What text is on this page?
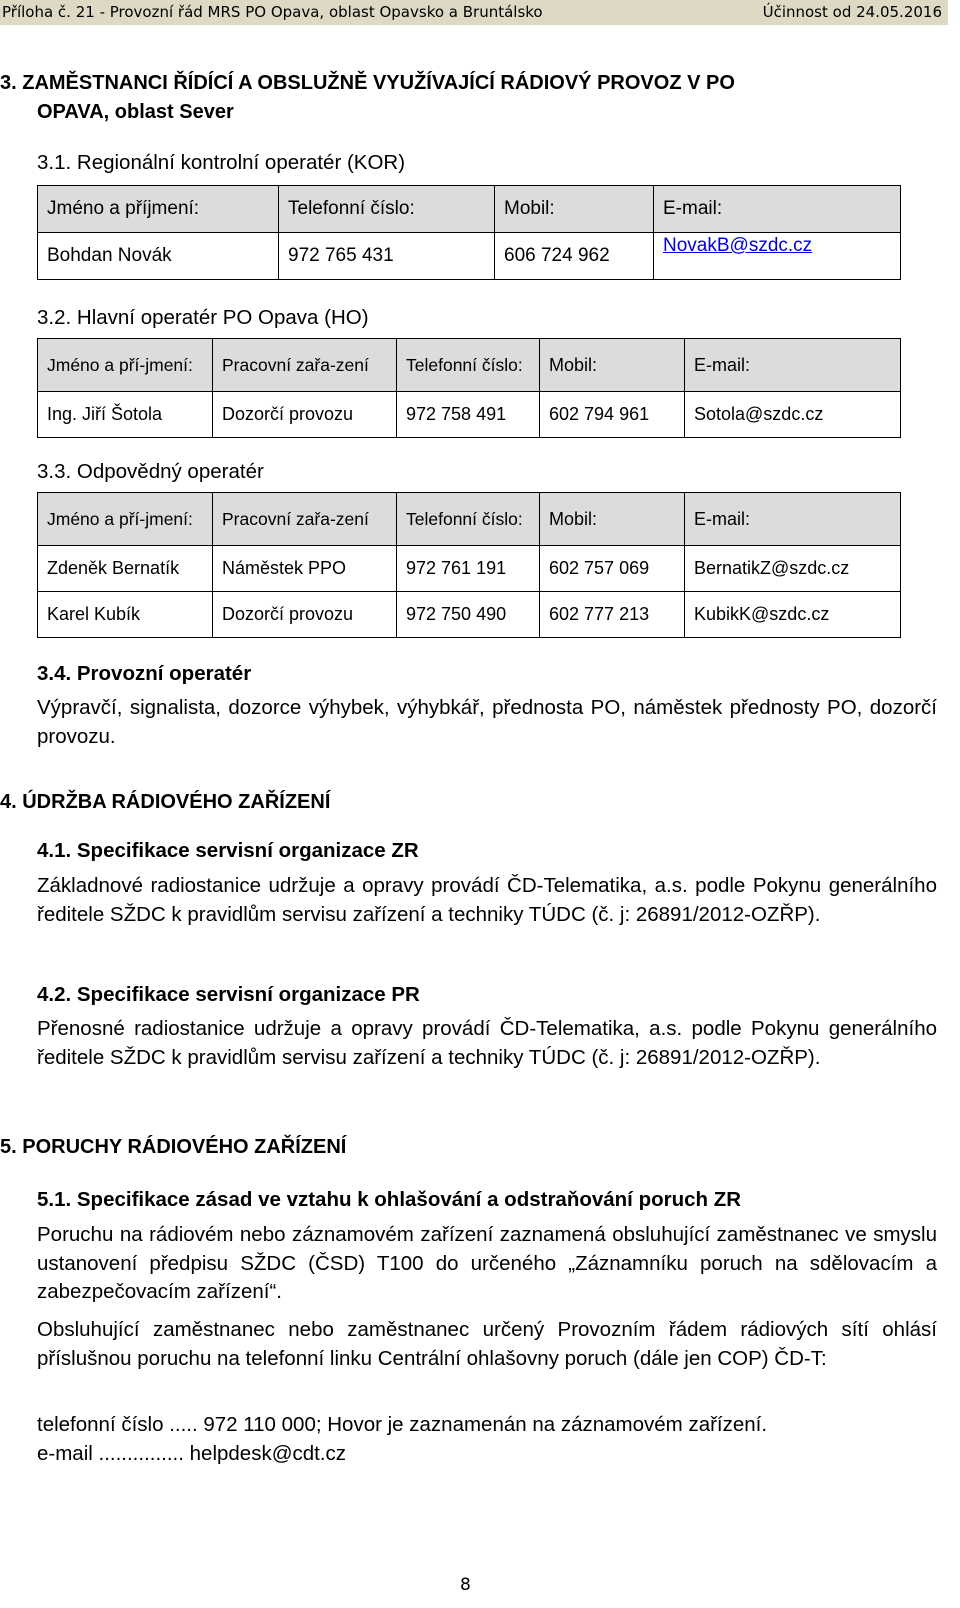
Příloha č. 21 - Provozní řád MRS PO Opava, oblast Opavsko a Bruntálsko	Účinnost od 24.05.2016
3. ZAMĚSTNANCI ŘÍDÍCÍ A OBSLUŽNĚ VYUŽÍVAJÍCÍ RÁDIOVÝ PROVOZ V PO
OPAVA, oblast Sever
3.1. Regionální kontrolní operatér (KOR)
Jméno a příjmení:	Telefonní číslo:	Mobil:	E-mail:
Bohdan Novák	972 765 431	606 724 962	NovakB@szdc.cz
3.2. Hlavní operatér PO Opava (HO)
Jméno a pří-jmení:	Pracovní zařa-zení	Telefonní číslo:	Mobil:	E-mail:
Ing. Jiří Šotola	Dozorčí provozu	972 758 491	602 794 961	Sotola@szdc.cz
3.3. Odpovědný operatér
Jméno a pří-jmení:	Pracovní zařa-zení	Telefonní číslo:	Mobil:	E-mail:
Zdeněk Bernatík	Náměstek PPO	972 761 191	602 757 069	BernatikZ@szdc.cz
Karel Kubík	Dozorčí provozu	972 750 490	602 777 213	KubikK@szdc.cz
3.4. Provozní operatér
Výpravčí, signalista, dozorce výhybek, výhybkář, přednosta PO, náměstek přednosty PO, dozorčí provozu.
4. ÚDRŽBA RÁDIOVÉHO ZAŘÍZENÍ
4.1. Specifikace servisní organizace ZR
Základnové radiostanice udržuje a opravy provádí ČD-Telematika, a.s. podle Pokynu generálního ředitele SŽDC k pravidlům servisu zařízení a techniky TÚDC (č. j: 26891/2012-OZŘP).
4.2. Specifikace servisní organizace PR
Přenosné radiostanice udržuje a opravy provádí ČD-Telematika, a.s. podle Pokynu generálního ředitele SŽDC k pravidlům servisu zařízení a techniky TÚDC (č. j: 26891/2012-OZŘP).
5. PORUCHY RÁDIOVÉHO ZAŘÍZENÍ
5.1. Specifikace zásad ve vztahu k ohlašování a odstraňování poruch ZR
Poruchu na rádiovém nebo záznamovém zařízení zaznamená obsluhující zaměstnanec ve smyslu ustanovení předpisu SŽDC (ČSD) T100 do určeného „Záznamníku poruch na sdělovacím a zabezpečovacím zařízení“.
Obsluhující zaměstnanec nebo zaměstnanec určený Provozním řádem rádiových sítí ohlásí příslušnou poruchu na telefonní linku Centrální ohlašovny poruch (dále jen COP) ČD-T:
telefonní číslo ..... 972 110 000; Hovor je zaznamenán na záznamovém zařízení.
e-mail ............... helpdesk@cdt.cz
8
